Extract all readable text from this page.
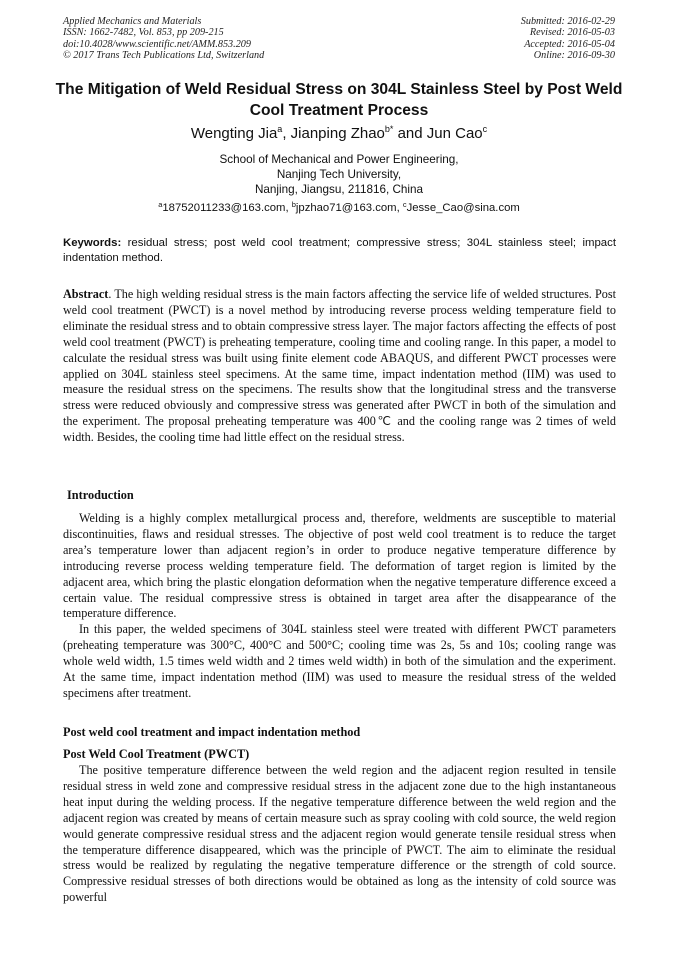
Applied Mechanics and Materials
ISSN: 1662-7482, Vol. 853, pp 209-215
doi:10.4028/www.scientific.net/AMM.853.209
© 2017 Trans Tech Publications Ltd, Switzerland
Submitted: 2016-02-29
Revised: 2016-05-03
Accepted: 2016-05-04
Online: 2016-09-30
The Mitigation of Weld Residual Stress on 304L Stainless Steel by Post Weld Cool Treatment Process
Wengting Jia$^a$, Jianping Zhao$^{b*}$ and Jun Cao$^c$
School of Mechanical and Power Engineering,
Nanjing Tech University,
Nanjing, Jiangsu, 211816, China
$^a$18752011233@163.com, $^b$jpzhao71@163.com, $^c$Jesse_Cao@sina.com

Keywords: residual stress; post weld cool treatment; compressive stress; 304L stainless steel; impact indentation method.

Abstract. The high welding residual stress is the main factors affecting the service life of welded structures. Post weld cool treatment (PWCT) is a novel method by introducing reverse process welding temperature field to eliminate the residual stress and to obtain compressive stress layer. The major factors affecting the effects of post weld cool treatment (PWCT) is preheating temperature, cooling time and cooling range. In this paper, a model to calculate the residual stress was built using finite element code ABAQUS, and different PWCT processes were applied on 304L stainless steel specimens. At the same time, impact indentation method (IIM) was used to measure the residual stress on the specimens. The results show that the longitudinal stress and the transverse stress were reduced obviously and compressive stress was generated after PWCT in both of the simulation and the experiment. The proposal preheating temperature was 400℃ and the cooling range was 2 times of weld width. Besides, the cooling time had little effect on the residual stress.

Introduction

Welding is a highly complex metallurgical process and, therefore, weldments are susceptible to material discontinuities, flaws and residual stresses. The objective of post weld cool treatment is to reduce the target area’s temperature lower than adjacent region’s in order to produce negative temperature difference by introducing reverse process welding temperature field. The deformation of target region is limited by the adjacent area, which bring the plastic elongation deformation when the negative temperature difference exceed a certain value. The residual compressive stress is obtained in target area after the disappearance of the temperature difference.

In this paper, the welded specimens of 304L stainless steel were treated with different PWCT parameters (preheating temperature was 300°C, 400°C and 500°C; cooling time was 2s, 5s and 10s; cooling range was whole weld width, 1.5 times weld width and 2 times weld width) in both of the simulation and the experiment. At the same time, impact indentation method (IIM) was used to measure the residual stress of the welded specimens after treatment.

Post weld cool treatment and impact indentation method
Post Weld Cool Treatment (PWCT)

The positive temperature difference between the weld region and the adjacent region resulted in tensile residual stress in weld zone and compressive residual stress in the adjacent zone due to the high instantaneous heat input during the welding process. If the negative temperature difference between the weld region and the adjacent region was created by means of certain measure such as spray cooling with cold source, the weld region would generate compressive residual stress and the adjacent region would generate tensile residual stress when the temperature difference disappeared, which was the principle of PWCT. The aim to eliminate the residual stress would be realized by regulating the negative temperature difference or the strength of cold source. Compressive residual stresses of both directions would be obtained as long as the intensity of cold source was powerful
